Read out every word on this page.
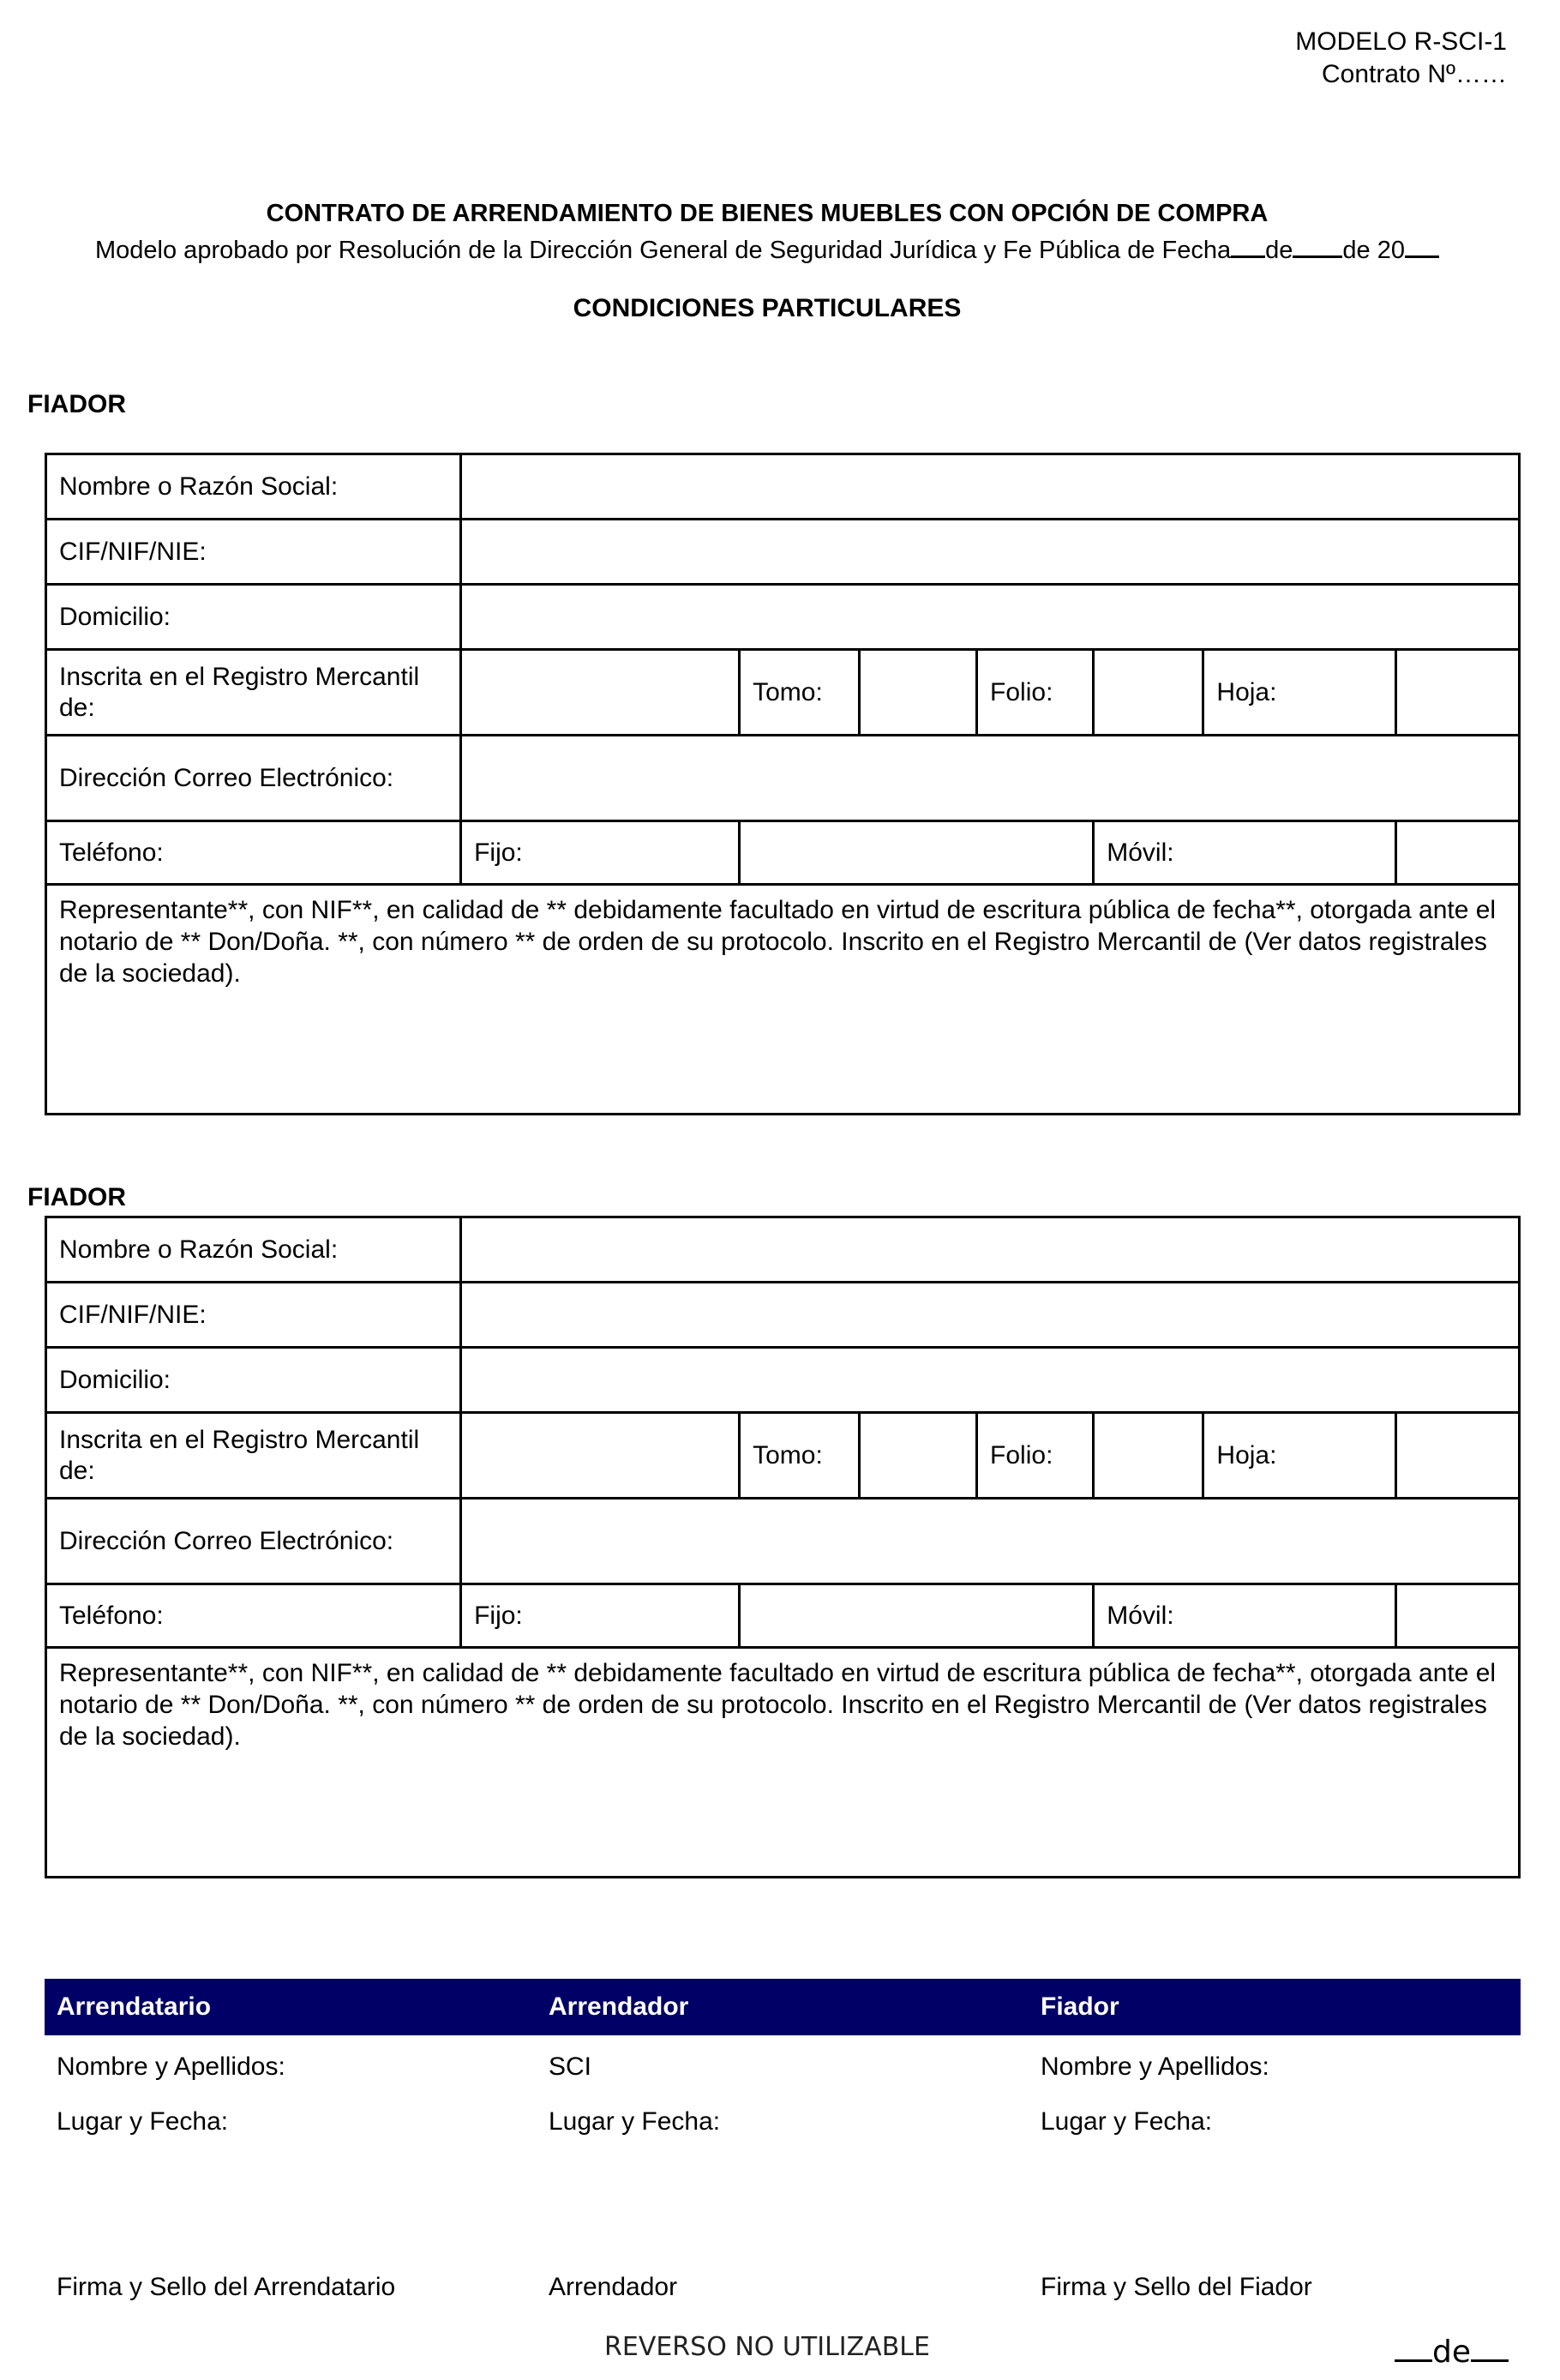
MODELO R-SCI-1
Contrato Nº……
CONTRATO DE ARRENDAMIENTO DE BIENES MUEBLES CON OPCIÓN DE COMPRA
Modelo aprobado por Resolución de la Dirección General de Seguridad Jurídica y Fe Pública de Fecha de de 20
CONDICIONES PARTICULARES
FIADOR
Nombre o Razón Social:							
CIF/NIF/NIE:							
Domicilio:							
Inscrita en el Registro Mercantil de:		Tomo:		Folio:		Hoja:	
Dirección Correo Electrónico:							
Teléfono:	Fijo:				Móvil:		
Representante**, con NIF**, en calidad de ** debidamente facultado en virtud de escritura pública de fecha**, otorgada ante el notario de ** Don/Doña. **, con número ** de orden de su protocolo. Inscrito en el Registro Mercantil de (Ver datos registrales de la sociedad).							
FIADOR
Nombre o Razón Social:							
CIF/NIF/NIE:							
Domicilio:							
Inscrita en el Registro Mercantil de:		Tomo:		Folio:		Hoja:	
Dirección Correo Electrónico:							
Teléfono:	Fijo:				Móvil:		
Representante**, con NIF**, en calidad de ** debidamente facultado en virtud de escritura pública de fecha**, otorgada ante el notario de ** Don/Doña. **, con número ** de orden de su protocolo. Inscrito en el Registro Mercantil de (Ver datos registrales de la sociedad).							
Arrendatario	Arrendador	Fiador
Nombre y Apellidos:	SCI	Nombre y Apellidos:
Lugar y Fecha:	Lugar y Fecha:	Lugar y Fecha:
Firma y Sello del Arrendatario	Arrendador	Firma y Sello del Fiador
REVERSO NO UTILIZABLE	de
